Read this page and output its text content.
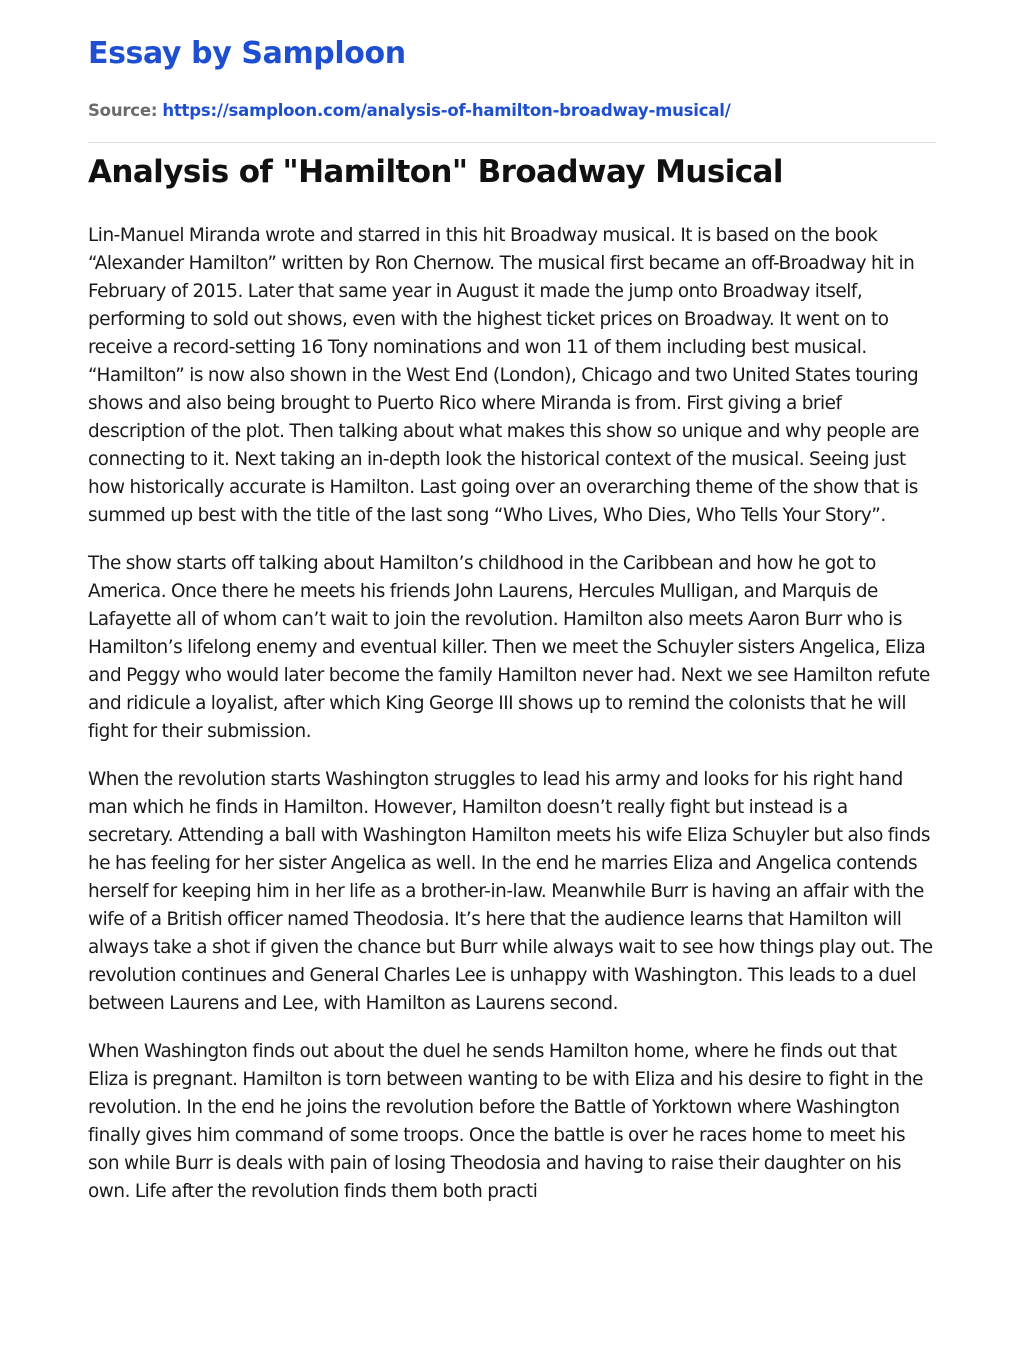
Essay by Samploon
Source: https://samploon.com/analysis-of-hamilton-broadway-musical/
Analysis of "Hamilton" Broadway Musical

Lin-Manuel Miranda wrote and starred in this hit Broadway musical. It is based on the book “Alexander Hamilton” written by Ron Chernow. The musical first became an off-Broadway hit in February of 2015. Later that same year in August it made the jump onto Broadway itself, performing to sold out shows, even with the highest ticket prices on Broadway. It went on to receive a record-setting 16 Tony nominations and won 11 of them including best musical. “Hamilton” is now also shown in the West End (London), Chicago and two United States touring shows and also being brought to Puerto Rico where Miranda is from. First giving a brief description of the plot. Then talking about what makes this show so unique and why people are connecting to it. Next taking an in-depth look the historical context of the musical. Seeing just how historically accurate is Hamilton. Last going over an overarching theme of the show that is summed up best with the title of the last song “Who Lives, Who Dies, Who Tells Your Story”.

The show starts off talking about Hamilton’s childhood in the Caribbean and how he got to America. Once there he meets his friends John Laurens, Hercules Mulligan, and Marquis de Lafayette all of whom can’t wait to join the revolution. Hamilton also meets Aaron Burr who is Hamilton’s lifelong enemy and eventual killer. Then we meet the Schuyler sisters Angelica, Eliza and Peggy who would later become the family Hamilton never had. Next we see Hamilton refute and ridicule a loyalist, after which King George III shows up to remind the colonists that he will fight for their submission.

When the revolution starts Washington struggles to lead his army and looks for his right hand man which he finds in Hamilton. However, Hamilton doesn’t really fight but instead is a secretary. Attending a ball with Washington Hamilton meets his wife Eliza Schuyler but also finds he has feeling for her sister Angelica as well. In the end he marries Eliza and Angelica contends herself for keeping him in her life as a brother-in-law. Meanwhile Burr is having an affair with the wife of a British officer named Theodosia. It’s here that the audience learns that Hamilton will always take a shot if given the chance but Burr while always wait to see how things play out. The revolution continues and General Charles Lee is unhappy with Washington. This leads to a duel between Laurens and Lee, with Hamilton as Laurens second.

When Washington finds out about the duel he sends Hamilton home, where he finds out that Eliza is pregnant. Hamilton is torn between wanting to be with Eliza and his desire to fight in the revolution. In the end he joins the revolution before the Battle of Yorktown where Washington finally gives him command of some troops. Once the battle is over he races home to meet his son while Burr is deals with pain of losing Theodosia and having to raise their daughter on his own. Life after the revolution finds them both practi
